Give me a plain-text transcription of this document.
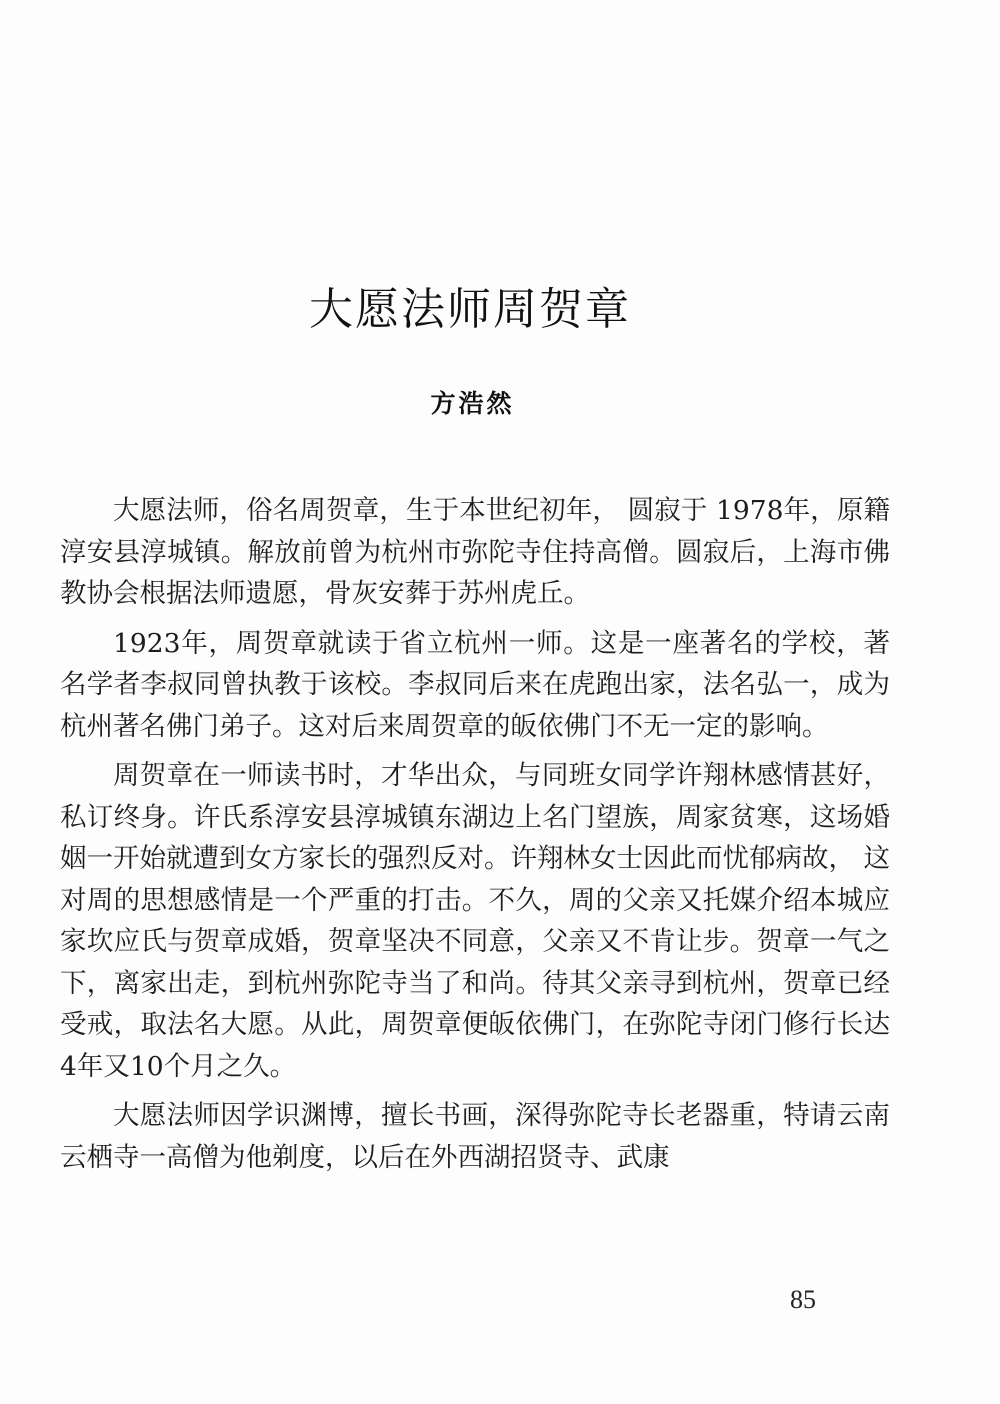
大愿法师周贺章
方浩然

大愿法师，俗名周贺章，生于本世纪初年， 圆寂于 1978年，原籍淳安县淳城镇。解放前曾为杭州市弥陀寺住持高僧。圆寂后，上海市佛教协会根据法师遗愿，骨灰安葬于苏州虎丘。

1923年，周贺章就读于省立杭州一师。这是一座著名的学校，著名学者李叔同曾执教于该校。李叔同后来在虎跑出家，法名弘一，成为杭州著名佛门弟子。这对后来周贺章的皈依佛门不无一定的影响。

周贺章在一师读书时，才华出众，与同班女同学许翔林感情甚好，私订终身。许氏系淳安县淳城镇东湖边上名门望族，周家贫寒，这场婚姻一开始就遭到女方家长的强烈反对。许翔林女士因此而忧郁病故， 这对周的思想感情是一个严重的打击。不久，周的父亲又托媒介绍本城应家坎应氏与贺章成婚，贺章坚决不同意，父亲又不肯让步。贺章一气之下，离家出走，到杭州弥陀寺当了和尚。待其父亲寻到杭州，贺章已经受戒，取法名大愿。从此，周贺章便皈依佛门，在弥陀寺闭门修行长达4年又10个月之久。

大愿法师因学识渊博，擅长书画，深得弥陀寺长老器重，特请云南云栖寺一高僧为他剃度，以后在外西湖招贤寺、武康

85
